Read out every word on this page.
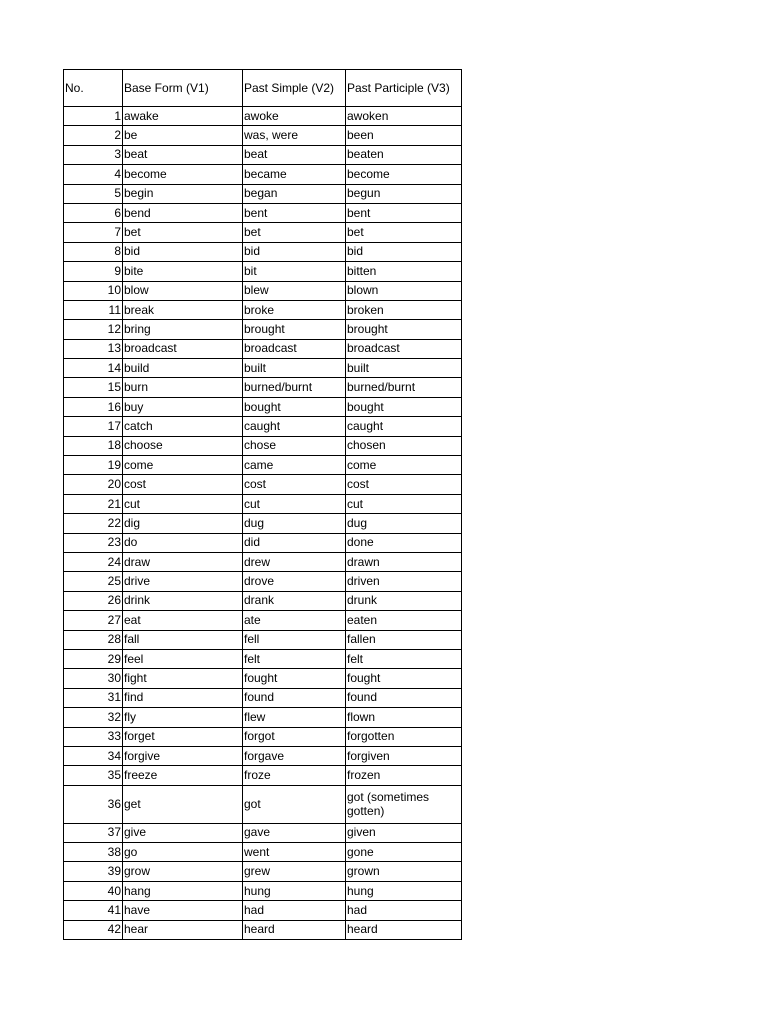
No.	Base Form (V1)	Past Simple (V2)	Past Participle (V3)
1	awake	awoke	awoken
2	be	was, were	been
3	beat	beat	beaten
4	become	became	become
5	begin	began	begun
6	bend	bent	bent
7	bet	bet	bet
8	bid	bid	bid
9	bite	bit	bitten
10	blow	blew	blown
11	break	broke	broken
12	bring	brought	brought
13	broadcast	broadcast	broadcast
14	build	built	built
15	burn	burned/burnt	burned/burnt
16	buy	bought	bought
17	catch	caught	caught
18	choose	chose	chosen
19	come	came	come
20	cost	cost	cost
21	cut	cut	cut
22	dig	dug	dug
23	do	did	done
24	draw	drew	drawn
25	drive	drove	driven
26	drink	drank	drunk
27	eat	ate	eaten
28	fall	fell	fallen
29	feel	felt	felt
30	fight	fought	fought
31	find	found	found
32	fly	flew	flown
33	forget	forgot	forgotten
34	forgive	forgave	forgiven
35	freeze	froze	frozen
36	get	got	got (sometimes gotten)
37	give	gave	given
38	go	went	gone
39	grow	grew	grown
40	hang	hung	hung
41	have	had	had
42	hear	heard	heard
